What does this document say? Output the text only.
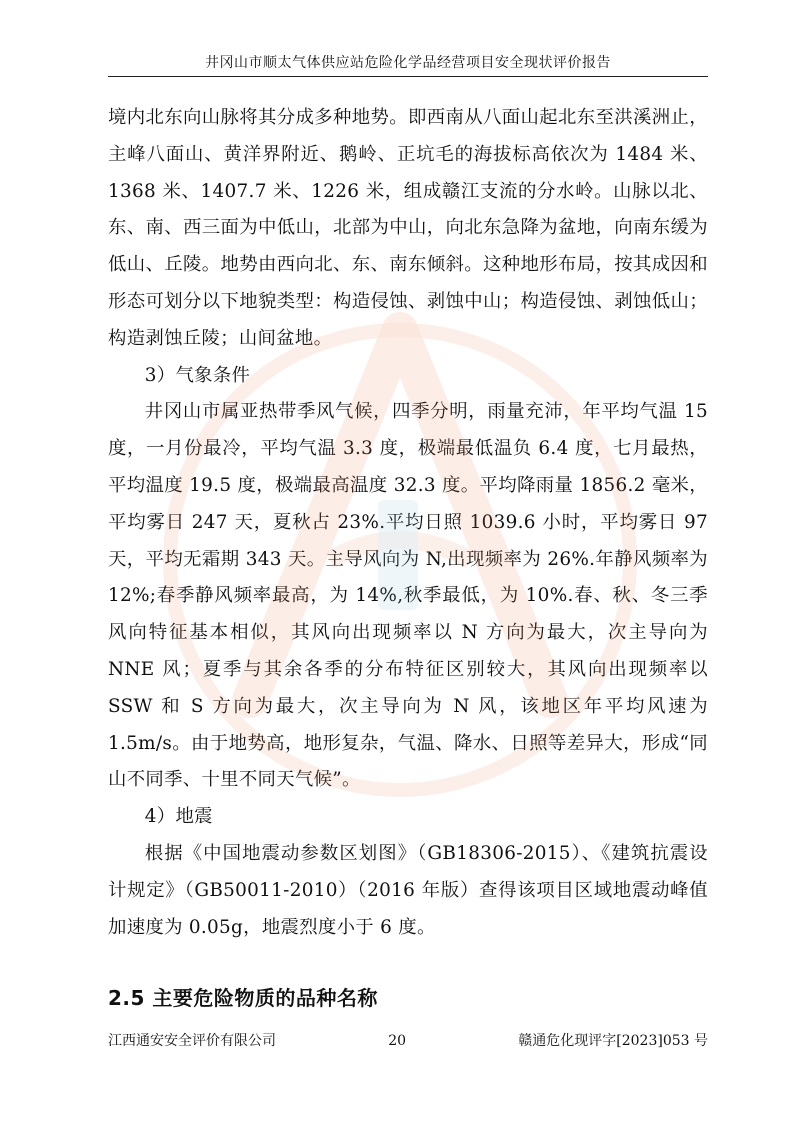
井冈山市顺太气体供应站危险化学品经营项目安全现状评价报告

境内北东向山脉将其分成多种地势。即西南从八面山起北东至洪溪洲止，主峰八面山、黄洋界附近、鹅岭、正坑毛的海拔标高依次为 1484 米、1368 米、1407.7 米、1226 米，组成赣江支流的分水岭。山脉以北、东、南、西三面为中低山，北部为中山，向北东急降为盆地，向南东缓为低山、丘陵。地势由西向北、东、南东倾斜。这种地形布局，按其成因和形态可划分以下地貌类型：构造侵蚀、剥蚀中山；构造侵蚀、剥蚀低山；构造剥蚀丘陵；山间盆地。

3）气象条件

井冈山市属亚热带季风气候，四季分明，雨量充沛，年平均气温 15 度，一月份最冷，平均气温 3.3 度，极端最低温负 6.4 度，七月最热，平均温度 19.5 度，极端最高温度 32.3 度。平均降雨量 1856.2 毫米，平均雾日 247 天，夏秋占 23%.平均日照 1039.6 小时，平均雾日 97 天，平均无霜期 343 天。主导风向为 N,出现频率为 26%.年静风频率为 12%;春季静风频率最高，为 14%,秋季最低，为 10%.春、秋、冬三季风向特征基本相似，其风向出现频率以 N 方向为最大，次主导向为 NNE 风；夏季与其余各季的分布特征区别较大，其风向出现频率以 SSW 和 S 方向为最大，次主导向为 N 风，该地区年平均风速为 1.5m/s。由于地势高，地形复杂，气温、降水、日照等差异大，形成“同山不同季、十里不同天气候”。

4）地震

根据《中国地震动参数区划图》（GB18306-2015）、《建筑抗震设计规定》（GB50011-2010）（2016 年版）查得该项目区域地震动峰值加速度为 0.05g，地震烈度小于 6 度。

2.5 主要危险物质的品种名称
江西通安安全评价有限公司	20	赣通危化现评字[2023]053 号
